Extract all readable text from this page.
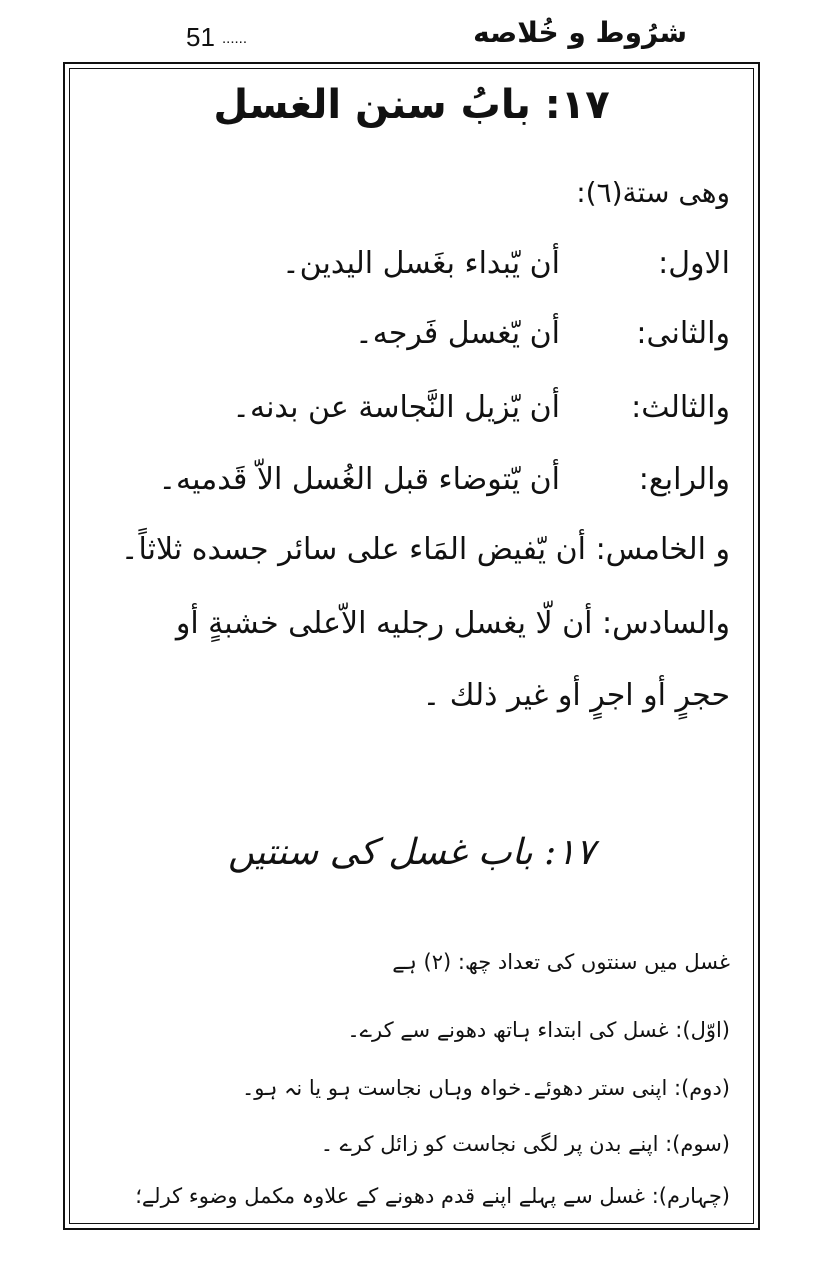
51 ......	شرُوط و خُلاصه
۱۷: بابُ سنن الغسل
وهی ستة(٦):
الاول:أن يّبداء بغَسل اليدين۔
والثانی:أن يّغسل فَرجه۔
والثالث:أن يّزيل النَّجاسة عن بدنه۔
والرابع:أن يّتوضاء قبل الغُسل الاّ قَدميه۔
و الخامس: أن يّفيض المَاء على سائر جسده ثلاثاً۔
والسادس: أن لّا يغسل رجليه الاّعلى خشبةٍ أو
حجرٍ أو اجرٍ أو غير ذلك ۔
۱۷: باب غسل کی سنتیں
غسل میں سنتوں کی تعداد چھ: (۲) ہے
(اوّل): غسل کی ابتداء ہاتھ دھونے سے کرے۔
(دوم): اپنی ستر دھوئے۔خواہ وہاں نجاست ہو یا نہ ہو۔
(سوم): اپنے بدن پر لگی نجاست کو زائل کرے ۔
(چہارم): غسل سے پہلے اپنے قدم دھونے کے علاوہ مکمل وضوء کرلے؛
